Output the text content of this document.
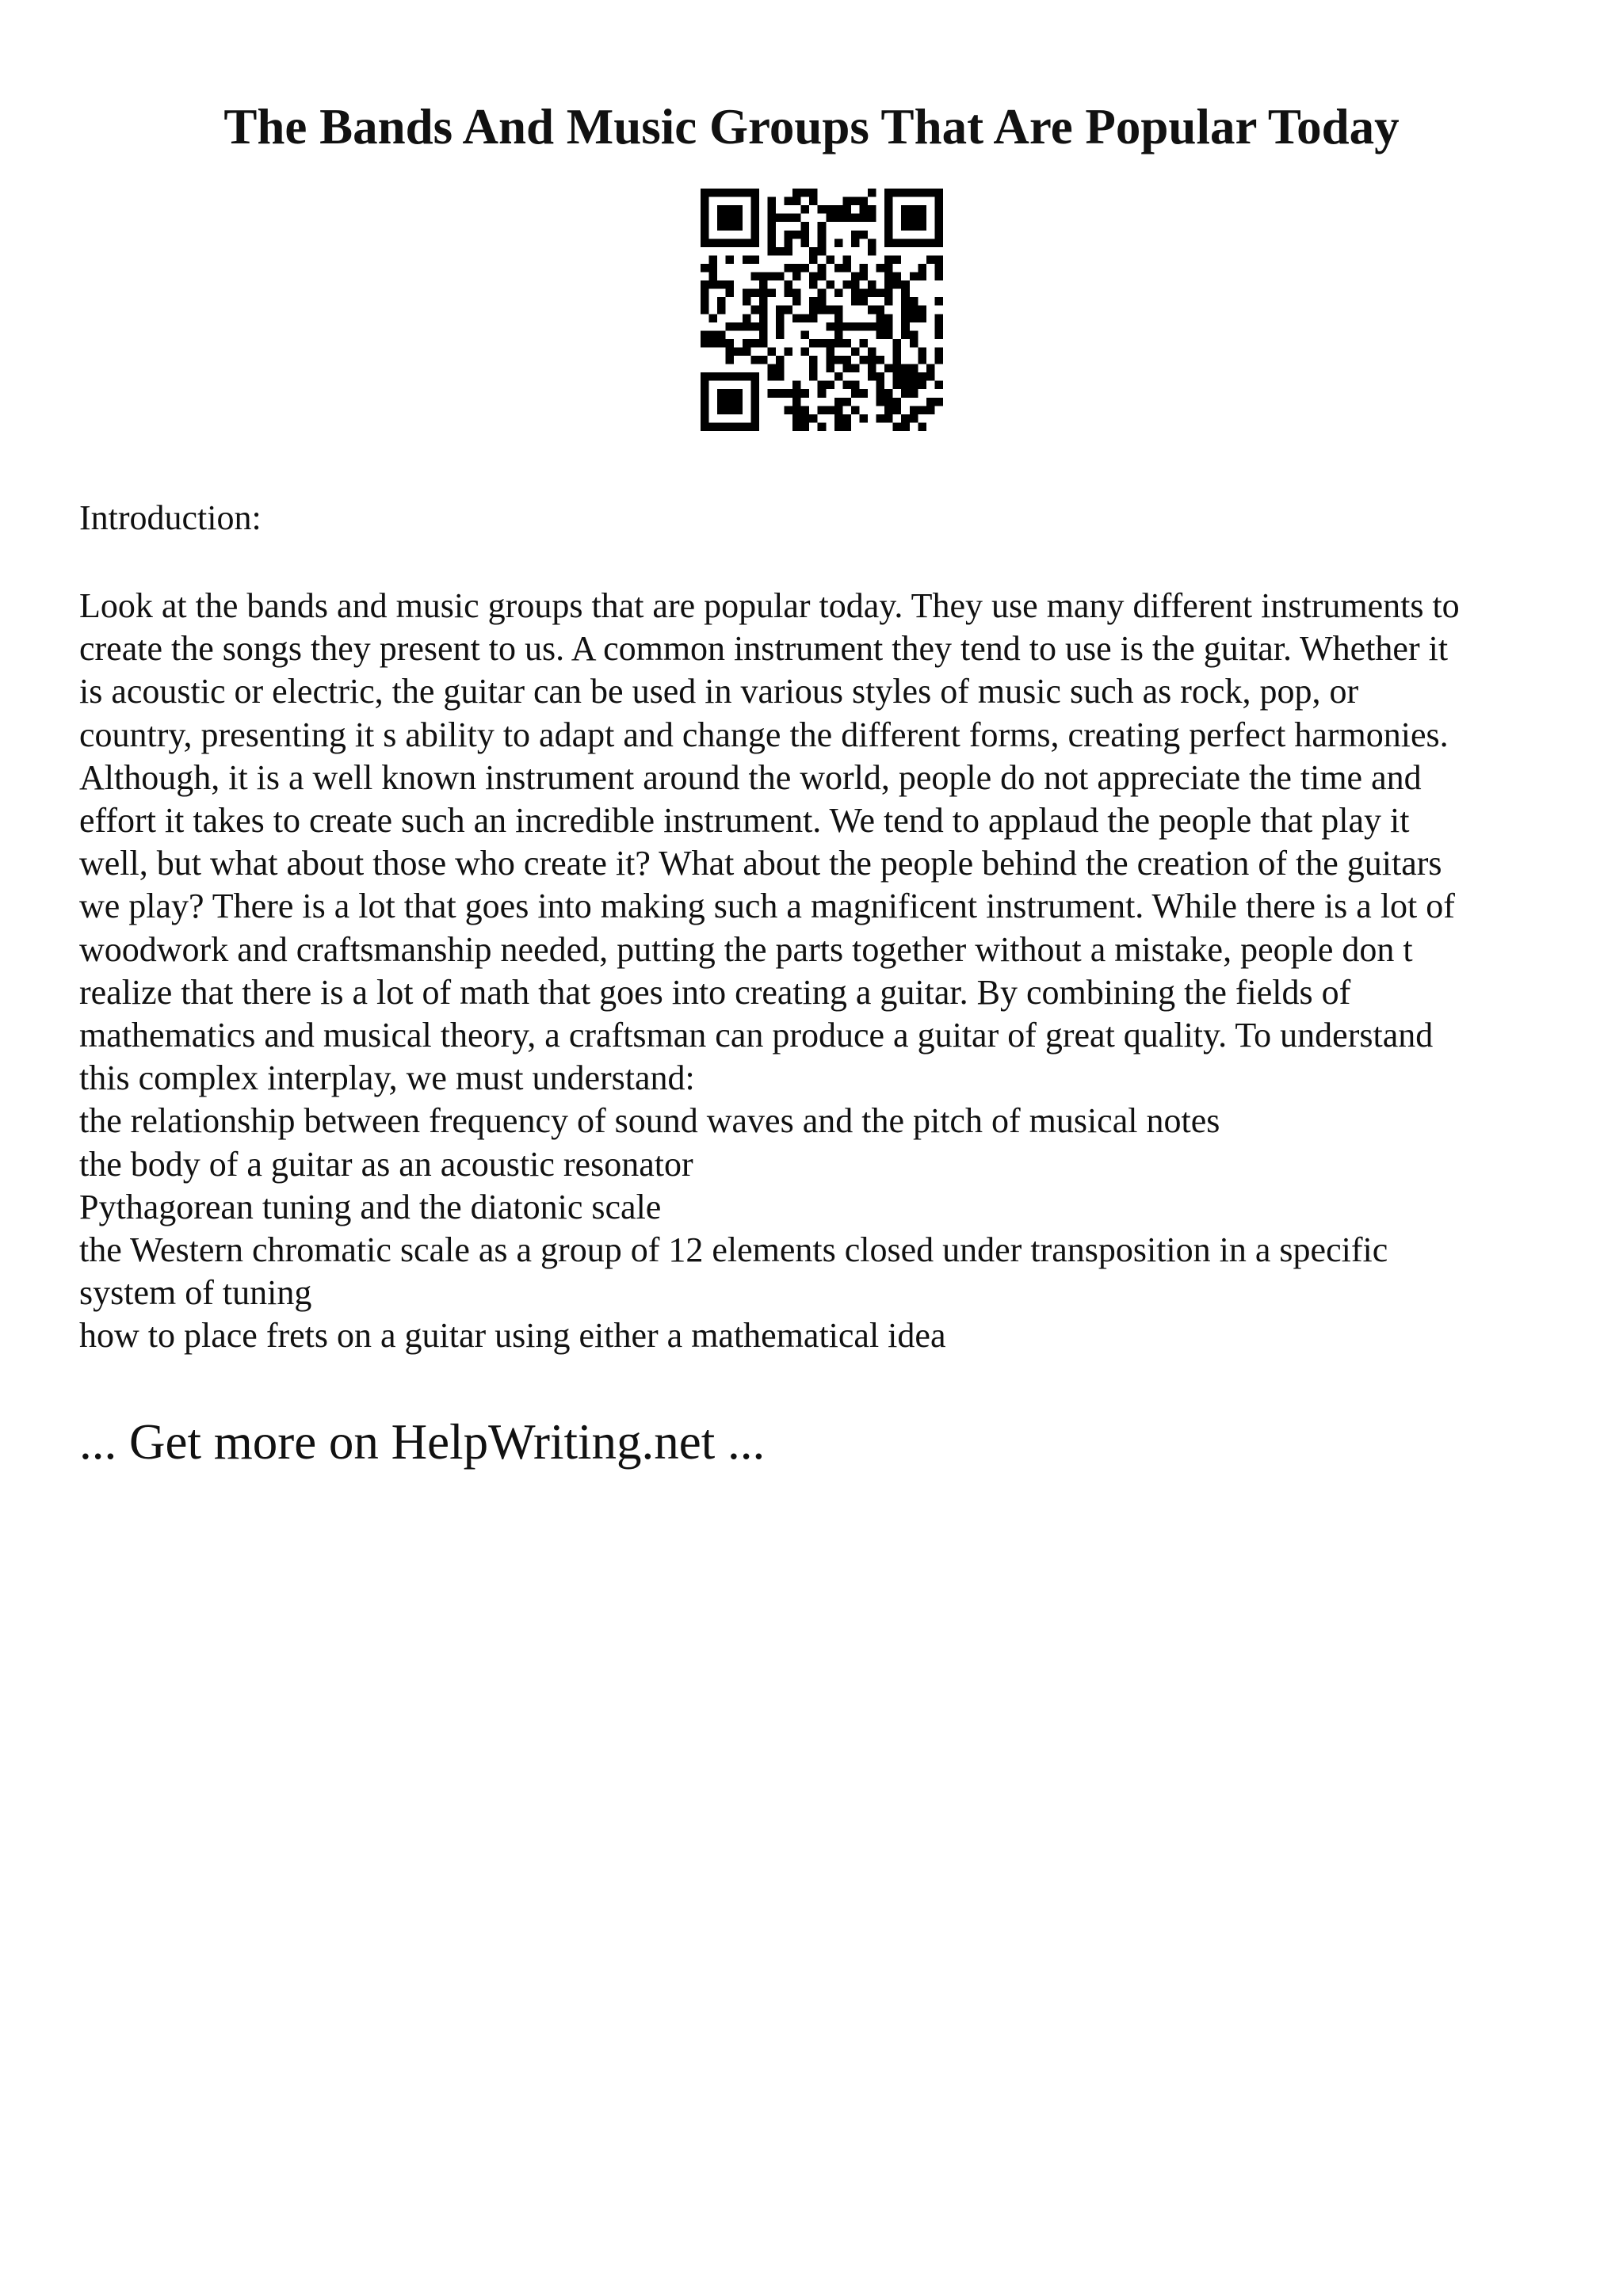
The Bands And Music Groups That Are Popular Today

Introduction:

Look at the bands and music groups that are popular today. They use many different instruments to
create the songs they present to us. A common instrument they tend to use is the guitar. Whether it
is acoustic or electric, the guitar can be used in various styles of music such as rock, pop, or
country, presenting it s ability to adapt and change the different forms, creating perfect harmonies.
Although, it is a well known instrument around the world, people do not appreciate the time and
effort it takes to create such an incredible instrument. We tend to applaud the people that play it
well, but what about those who create it? What about the people behind the creation of the guitars
we play? There is a lot that goes into making such a magnificent instrument. While there is a lot of
woodwork and craftsmanship needed, putting the parts together without a mistake, people don t
realize that there is a lot of math that goes into creating a guitar. By combining the fields of
mathematics and musical theory, a craftsman can produce a guitar of great quality. To understand
this complex interplay, we must understand:
the relationship between frequency of sound waves and the pitch of musical notes
the body of a guitar as an acoustic resonator
Pythagorean tuning and the diatonic scale
the Western chromatic scale as a group of 12 elements closed under transposition in a specific
system of tuning
how to place frets on a guitar using either a mathematical idea

... Get more on HelpWriting.net ...
